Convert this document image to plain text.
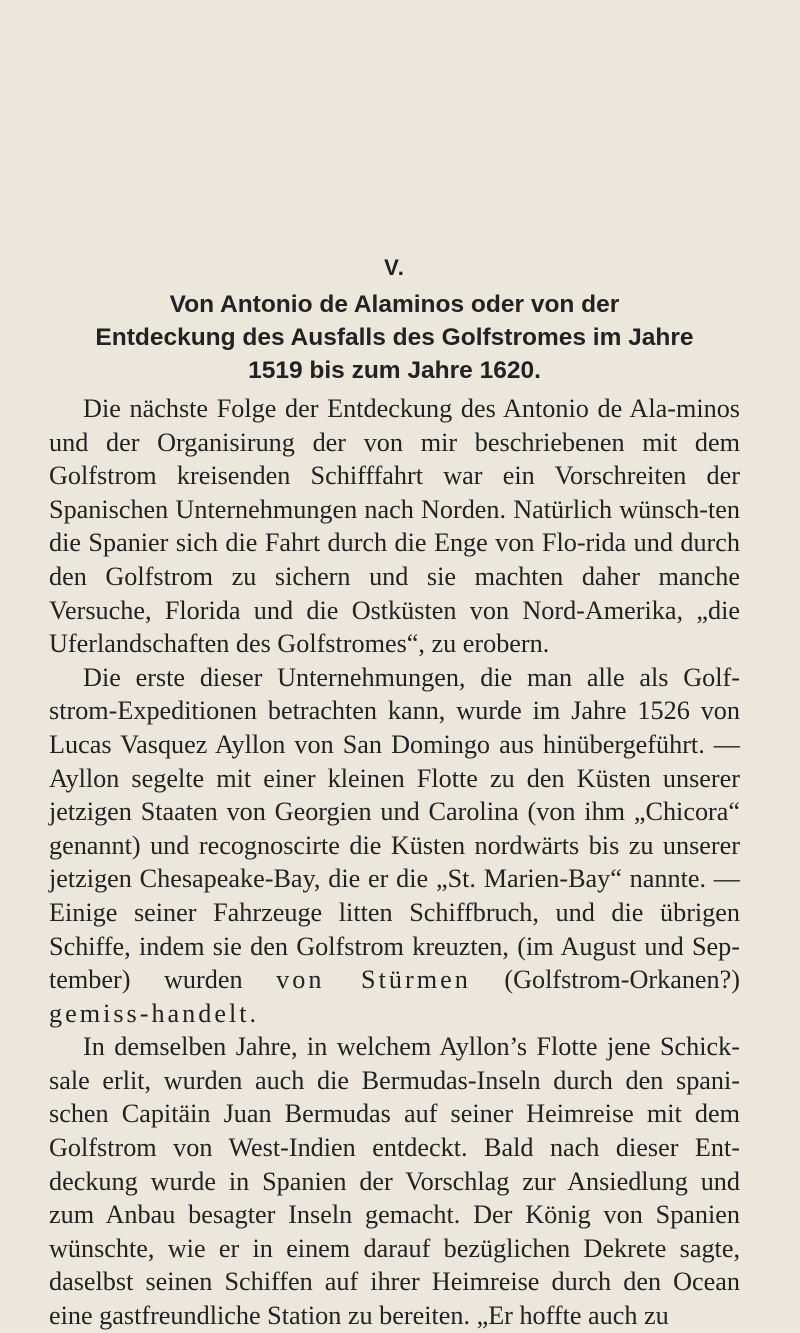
V.
Von Antonio de Alaminos oder von der
Entdeckung des Ausfalls des Golfstromes im Jahre
1519 bis zum Jahre 1620.

Die nächste Folge der Entdeckung des Antonio de Ala-minos und der Organisirung der von mir beschriebenen mit dem Golfstrom kreisenden Schifffahrt war ein Vorschreiten der Spanischen Unternehmungen nach Norden. Natürlich wünsch-ten die Spanier sich die Fahrt durch die Enge von Flo-rida und durch den Golfstrom zu sichern und sie machten daher manche Versuche, Florida und die Ostküsten von Nord-Amerika, „die Uferlandschaften des Golfstromes“, zu erobern.

Die erste dieser Unternehmungen, die man alle als Golf-strom-Expeditionen betrachten kann, wurde im Jahre 1526 von Lucas Vasquez Ayllon von San Domingo aus hinübergeführt. — Ayllon segelte mit einer kleinen Flotte zu den Küsten unserer jetzigen Staaten von Georgien und Carolina (von ihm „Chicora“ genannt) und recognoscirte die Küsten nordwärts bis zu unserer jetzigen Chesapeake-Bay, die er die „St. Marien-Bay“ nannte. — Einige seiner Fahrzeuge litten Schiffbruch, und die übrigen Schiffe, indem sie den Golfstrom kreuzten, (im August und Sep-tember) wurden von Stürmen (Golfstrom-Orkanen?) gemiss-handelt.

In demselben Jahre, in welchem Ayllon’s Flotte jene Schick-sale erlit, wurden auch die Bermudas-Inseln durch den spani-schen Capitäin Juan Bermudas auf seiner Heimreise mit dem Golfstrom von West-Indien entdeckt. Bald nach dieser Ent-deckung wurde in Spanien der Vorschlag zur Ansiedlung und zum Anbau besagter Inseln gemacht. Der König von Spanien wünschte, wie er in einem darauf bezüglichen Dekrete sagte, daselbst seinen Schiffen auf ihrer Heimreise durch den Ocean eine gastfreundliche Station zu bereiten. „Er hoffte auch zu
